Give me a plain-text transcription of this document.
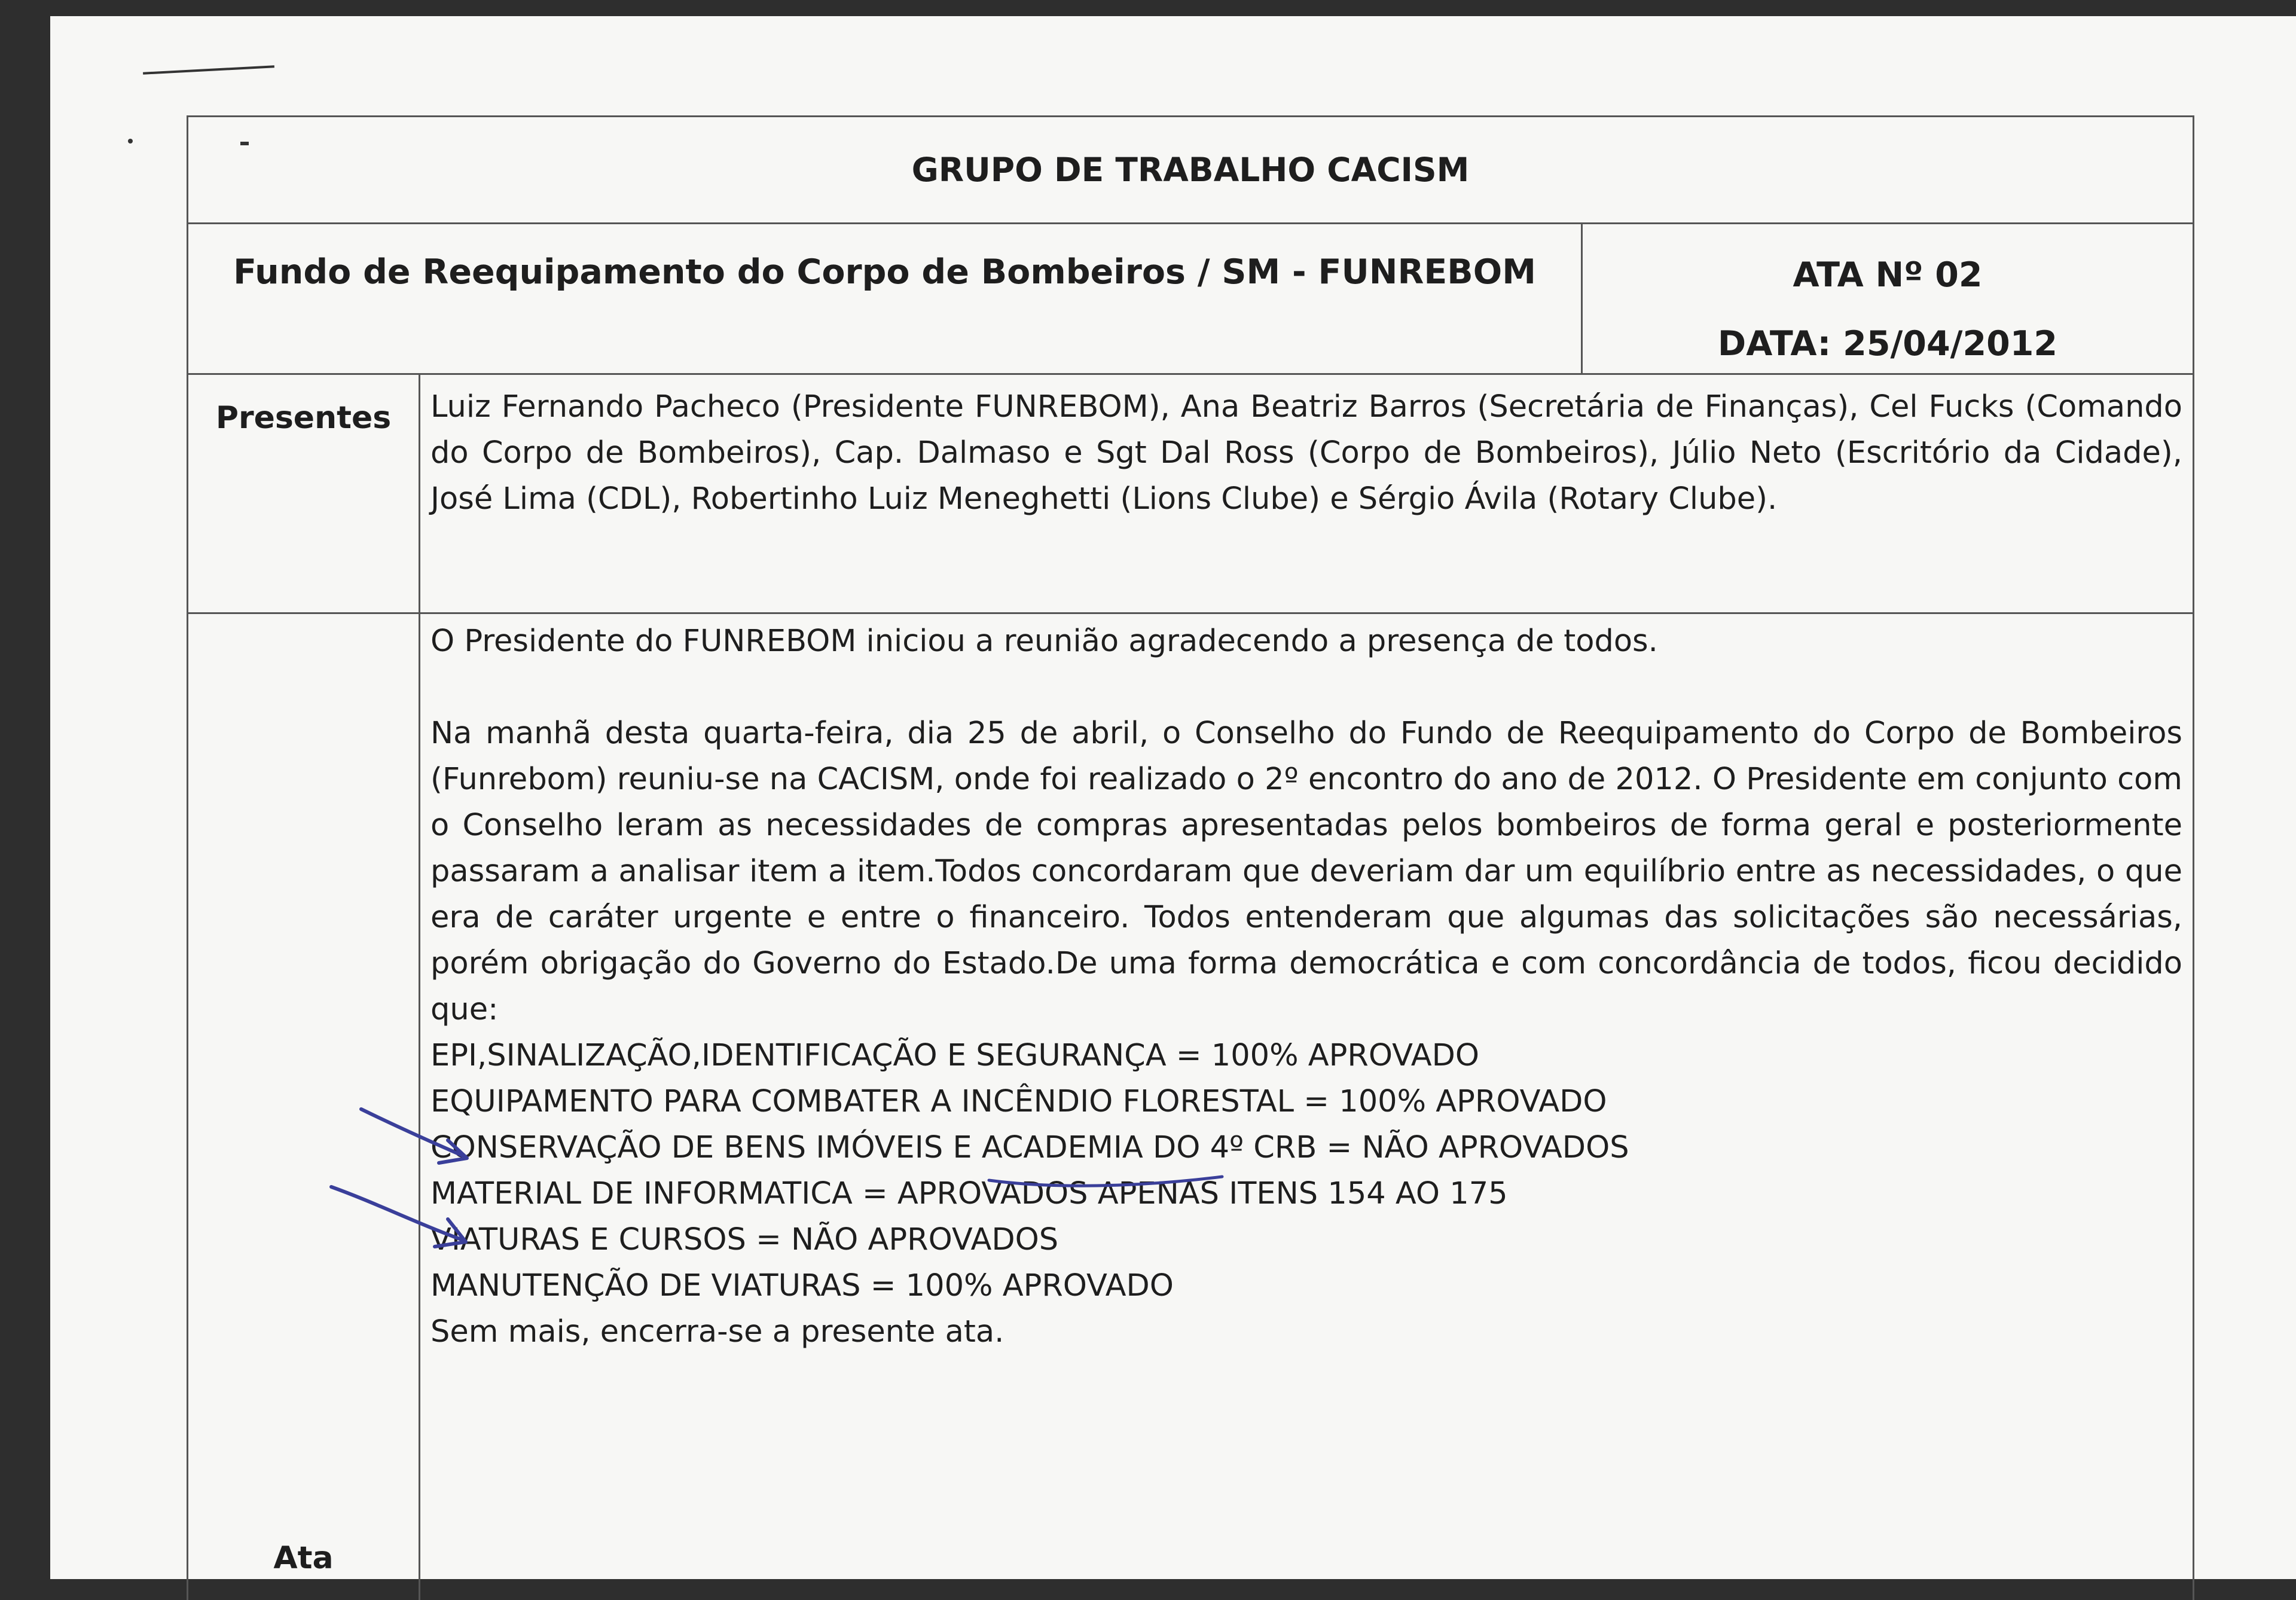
GRUPO DE TRABALHO CACISM
Fundo de Reequipamento do Corpo de Bombeiros / SM - FUNREBOM	ATA Nº 02
DATA: 25/04/2012
Presentes	Luiz Fernando Pacheco (Presidente FUNREBOM), Ana Beatriz Barros (Secretária de Finanças), Cel Fucks (Comando do Corpo de Bombeiros), Cap. Dalmaso e Sgt Dal Ross (Corpo de Bombeiros), Júlio Neto (Escritório da Cidade), José Lima (CDL), Robertinho Luiz Meneghetti (Lions Clube) e Sérgio Ávila (Rotary Clube).
Ata

O Presidente do FUNREBOM iniciou a reunião agradecendo a presença de todos.

Na manhã desta quarta-feira, dia 25 de abril, o Conselho do Fundo de Reequipamento do Corpo de Bombeiros (Funrebom) reuniu-se na CACISM, onde foi realizado o 2º encontro do ano de 2012. O Presidente em conjunto com o Conselho leram as necessidades de compras apresentadas pelos bombeiros de forma geral e posteriormente passaram a analisar item a item.Todos concordaram que deveriam dar um equilíbrio entre as necessidades, o que era de caráter urgente e entre o financeiro. Todos entenderam que algumas das solicitações são necessárias, porém obrigação do Governo do Estado.De uma forma democrática e com concordância de todos, ficou decidido que:

EPI,SINALIZAÇÃO,IDENTIFICAÇÃO E SEGURANÇA = 100% APROVADO
EQUIPAMENTO PARA COMBATER A INCÊNDIO FLORESTAL = 100% APROVADO
CONSERVAÇÃO DE BENS IMÓVEIS E ACADEMIA DO 4º CRB = NÃO APROVADOS
MATERIAL DE INFORMATICA = APROVADOS APENAS ITENS 154 AO 175
VIATURAS E CURSOS = NÃO APROVADOS
MANUTENÇÃO DE VIATURAS = 100% APROVADO
Sem mais, encerra-se a presente ata.
